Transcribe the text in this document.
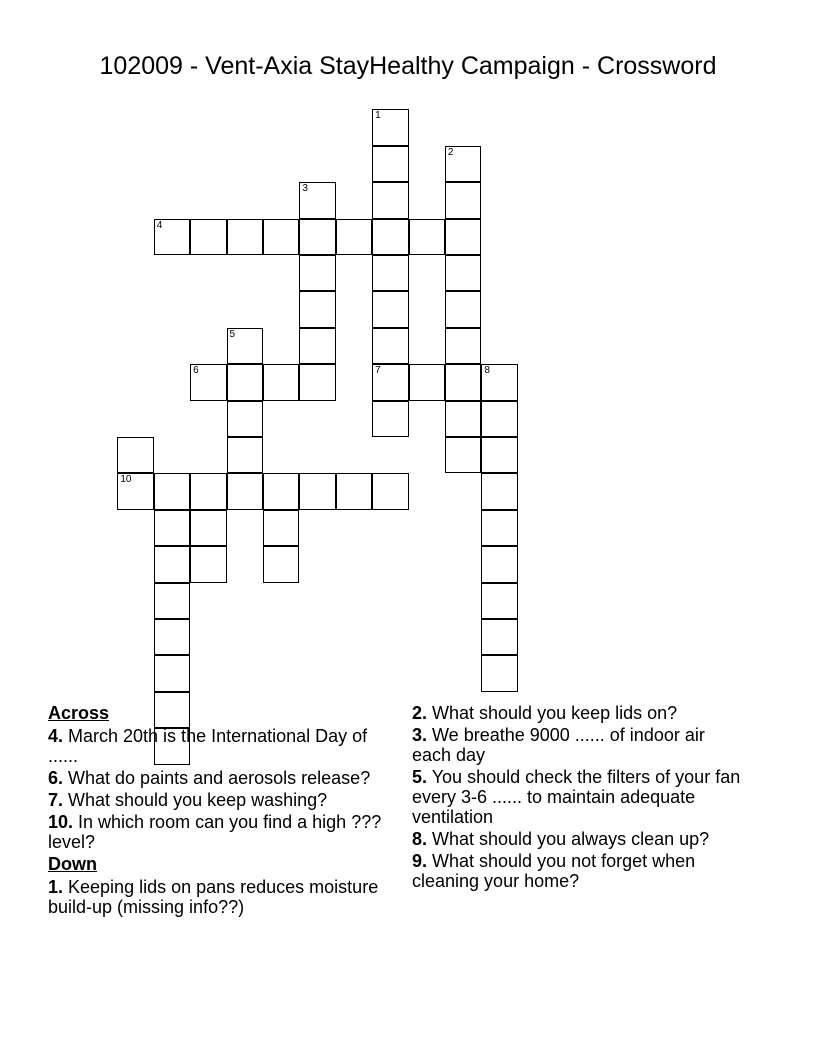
102009 - Vent-Axia StayHealthy Campaign - Crossword
1
7
2
3
4
5
6	8
10
Across
4. March 20th is the International Day of ......
6. What do paints and aerosols release?
7. What should you keep washing?
10. In which room can you find a high ??? level?
Down
1. Keeping lids on pans reduces moisture build-up (missing info??)
2. What should you keep lids on?
3. We breathe 9000 ...... of indoor air each day
5. You should check the filters of your fan every 3-6 ...... to maintain adequate ventilation
8. What should you always clean up?
9. What should you not forget when cleaning your home?
